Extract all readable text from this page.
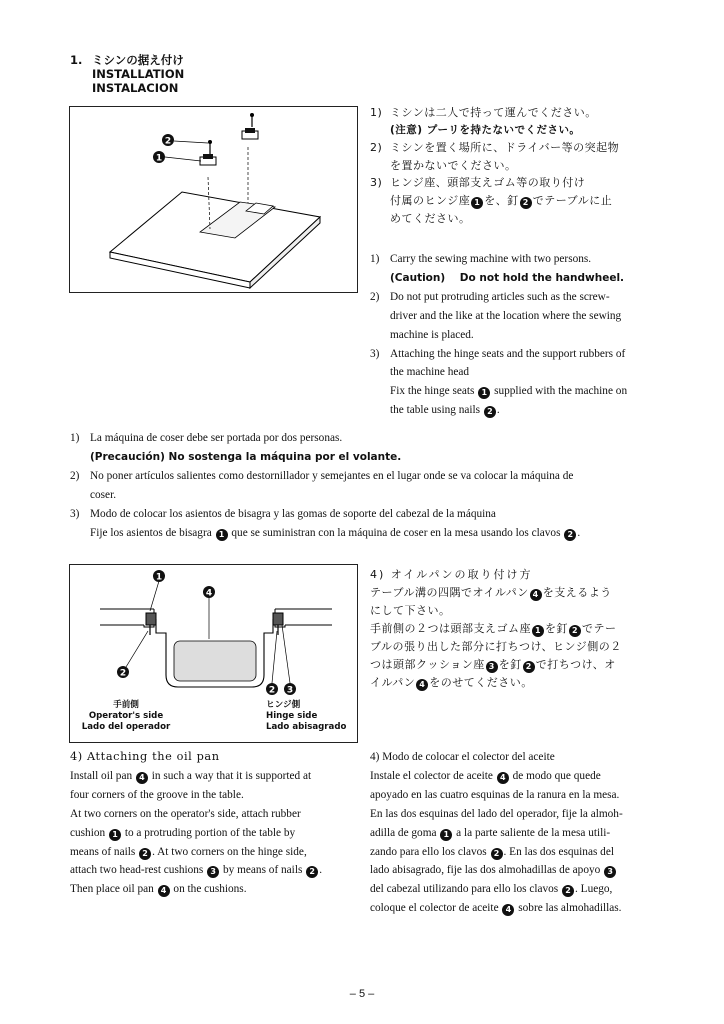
1. ミシンの据え付け
INSTALLATION
INSTALACION
2
1
1) ミシンは二人で持って運んでください。
(注意) プーリを持たないでください。
2) ミシンを置く場所に、ドライバー等の突起物
を置かないでください。
3) ヒンジ座、頭部支えゴム等の取り付け
付属のヒンジ座 1 を、釘 2 でテーブルに止
めてください。
1) Carry the sewing machine with two persons.
(Caution) Do not hold the handwheel.
2) Do not put protruding articles such as the screw-
driver and the like at the location where the sewing
machine is placed.
3) Attaching the hinge seats and the support rubbers of
the machine head
Fix the hinge seats 1 supplied with the machine on
the table using nails 2 .
1) La máquina de coser debe ser portada por dos personas.
(Precaución) No sostenga la máquina por el volante.
2) No poner artículos salientes como destornillador y semejantes en el lugar onde se va colocar la máquina de
coser.
3) Modo de colocar los asientos de bisagra y las gomas de soporte del cabezal de la máquina
Fije los asientos de bisagra 1 que se suministran con la máquina de coser en la mesa usando los clavos 2 .
1
4
2
2 3
手前側
Operator's side
Lado del operador
ヒンジ側
Hinge side
Lado abisagrado
4) オイルパンの取り付け方
テーブル溝の四隅でオイルパン 4 を支えるよう
にして下さい。
手前側の２つは頭部支えゴム座 1 を釘 2 でテー
ブルの張り出した部分に打ちつけ、ヒンジ側の２
つは頭部クッション座 3 を釘 2 で打ちつけ、オ
イルパン 4 をのせてください。
4) Attaching the oil pan
Install oil pan 4 in such a way that it is supported at
four corners of the groove in the table.
At two corners on the operator's side, attach rubber
cushion 1 to a protruding portion of the table by
means of nails 2 . At two corners on the hinge side,
attach two head-rest cushions 3 by means of nails 2 .
Then place oil pan 4 on the cushions.
4) Modo de colocar el colector del aceite
Instale el colector de aceite 4 de modo que quede
apoyado en las cuatro esquinas de la ranura en la mesa.
En las dos esquinas del lado del operador, fije la almoh-
adilla de goma 1 a la parte saliente de la mesa utili-
zando para ello los clavos 2 . En las dos esquinas del
lado abisagrado, fije las dos almohadillas de apoyo 3
del cabezal utilizando para ello los clavos 2 . Luego,
coloque el colector de aceite 4 sobre las almohadillas.
– 5 –
